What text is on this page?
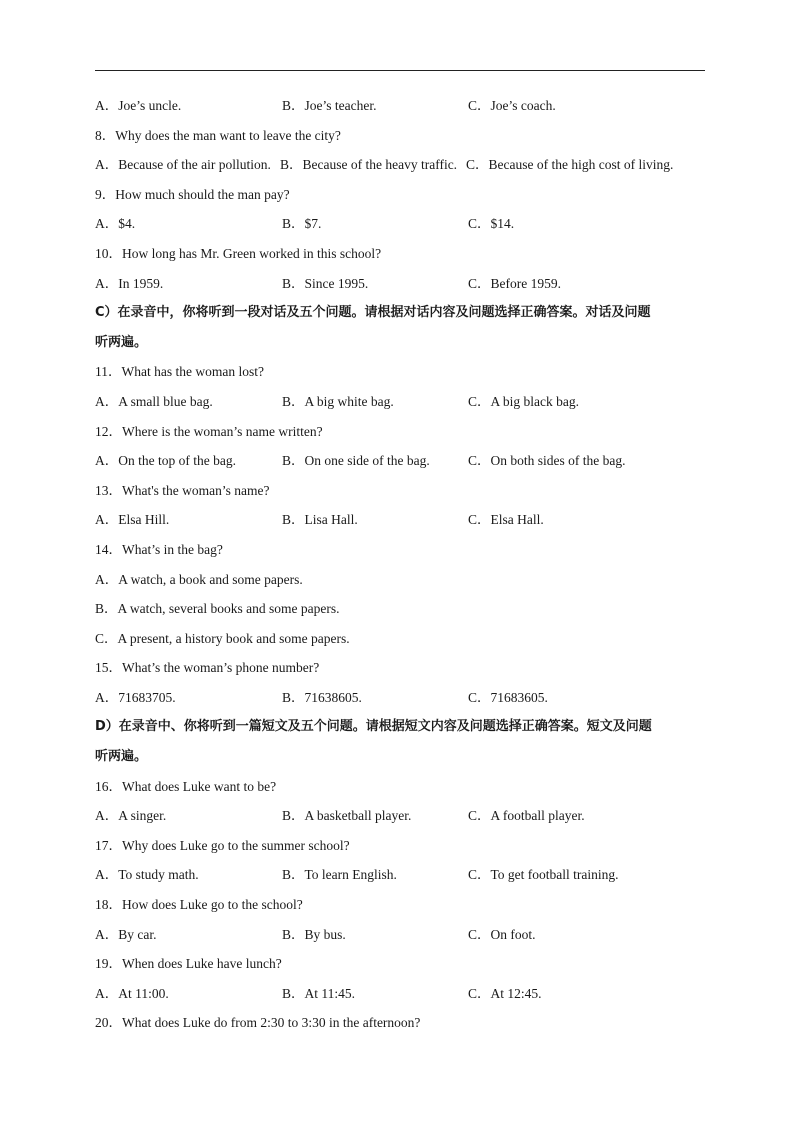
A．Joe’s uncle.	B．Joe’s teacher.	C．Joe’s coach.
8．Why does the man want to leave the city?
A．Because of the air pollution. B．Because of the heavy traffic. C．Because of the high cost of living.
9．How much should the man pay?
A．$4.	B．$7.	C．$14.
10．How long has Mr. Green worked in this school?
A．In 1959.	B．Since 1995.	C．Before 1959.
C）在录音中，你将听到一段对话及五个问题。请根据对话内容及问题选择正确答案。对话及问题
听两遍。
11．What has the woman lost?
A．A small blue bag.	B．A big white bag.	C．A big black bag.
12．Where is the woman’s name written?
A．On the top of the bag.	B．On one side of the bag.	C．On both sides of the bag.
13．What's the woman’s name?
A．Elsa Hill.	B．Lisa Hall.	C．Elsa Hall.
14．What’s in the bag?
A．A watch, a book and some papers.
B．A watch, several books and some papers.
C．A present, a history book and some papers.
15．What’s the woman’s phone number?
A．71683705.	B．71638605.	C．71683605.
D）在录音中、你将听到一篇短文及五个问题。请根据短文内容及问题选择正确答案。短文及问题
听两遍。
16．What does Luke want to be?
A．A singer.	B．A basketball player.	C．A football player.
17．Why does Luke go to the summer school?
A．To study math.	B．To learn English.	C．To get football training.
18．How does Luke go to the school?
A．By car.	B．By bus.	C．On foot.
19．When does Luke have lunch?
A．At 11:00.	B．At 11:45.	C．At 12:45.
20．What does Luke do from 2:30 to 3:30 in the afternoon?
